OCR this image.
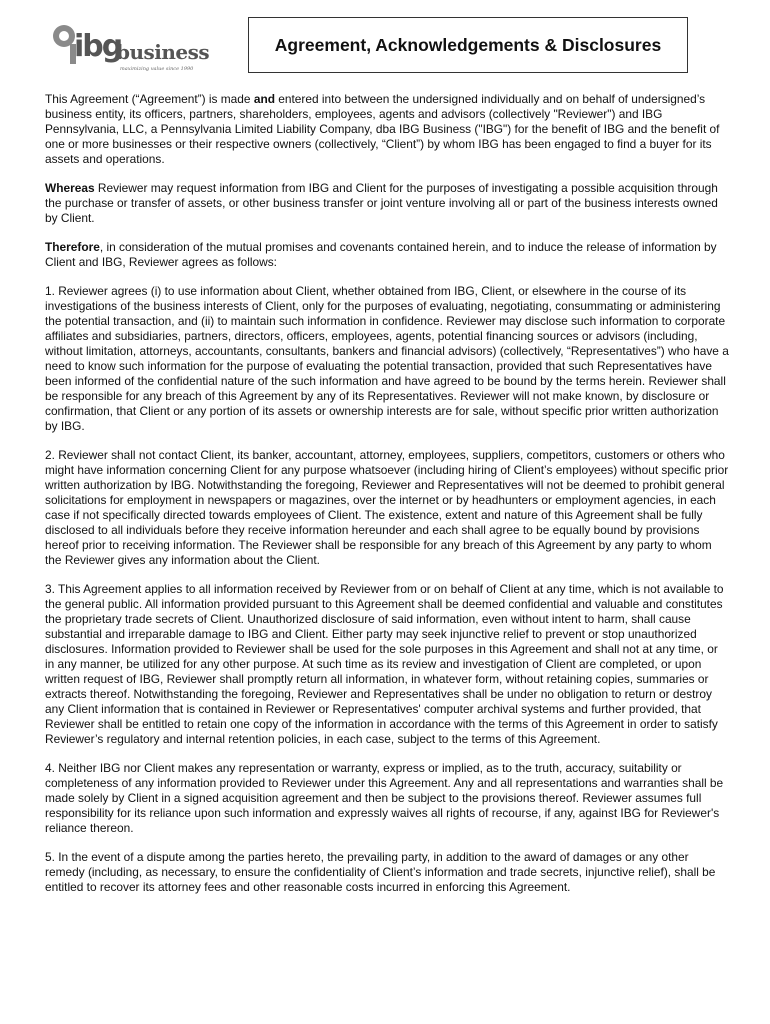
ibg
business
maximizing value since 1990
Agreement, Acknowledgements & Disclosures

This Agreement (“Agreement”) is made and entered into between the undersigned individually and on behalf of undersigned’s business entity, its officers, partners, shareholders, employees, agents and advisors (collectively "Reviewer") and IBG Pennsylvania, LLC, a Pennsylvania Limited Liability Company, dba IBG Business ("IBG") for the benefit of IBG and the benefit of one or more businesses or their respective owners (collectively, “Client”) by whom IBG has been engaged to find a buyer for its assets and operations.

Whereas Reviewer may request information from IBG and Client for the purposes of investigating a possible acquisition through the purchase or transfer of assets, or other business transfer or joint venture involving all or part of the business interests owned by Client.

Therefore, in consideration of the mutual promises and covenants contained herein, and to induce the release of information by Client and IBG, Reviewer agrees as follows:

1. Reviewer agrees (i) to use information about Client, whether obtained from IBG, Client, or elsewhere in the course of its investigations of the business interests of Client, only for the purposes of evaluating, negotiating, consummating or administering the potential transaction, and (ii) to maintain such information in confidence. Reviewer may disclose such information to corporate affiliates and subsidiaries, partners, directors, officers, employees, agents, potential financing sources or advisors (including, without limitation, attorneys, accountants, consultants, bankers and financial advisors) (collectively, “Representatives”) who have a need to know such information for the purpose of evaluating the potential transaction, provided that such Representatives have been informed of the confidential nature of the such information and have agreed to be bound by the terms herein. Reviewer shall be responsible for any breach of this Agreement by any of its Representatives. Reviewer will not make known, by disclosure or confirmation, that Client or any portion of its assets or ownership interests are for sale, without specific prior written authorization by IBG.

2. Reviewer shall not contact Client, its banker, accountant, attorney, employees, suppliers, competitors, customers or others who might have information concerning Client for any purpose whatsoever (including hiring of Client’s employees) without specific prior written authorization by IBG. Notwithstanding the foregoing, Reviewer and Representatives will not be deemed to prohibit general solicitations for employment in newspapers or magazines, over the internet or by headhunters or employment agencies, in each case if not specifically directed towards employees of Client. The existence, extent and nature of this Agreement shall be fully disclosed to all individuals before they receive information hereunder and each shall agree to be equally bound by provisions hereof prior to receiving information. The Reviewer shall be responsible for any breach of this Agreement by any party to whom the Reviewer gives any information about the Client.

3. This Agreement applies to all information received by Reviewer from or on behalf of Client at any time, which is not available to the general public. All information provided pursuant to this Agreement shall be deemed confidential and valuable and constitutes the proprietary trade secrets of Client. Unauthorized disclosure of said information, even without intent to harm, shall cause substantial and irreparable damage to IBG and Client. Either party may seek injunctive relief to prevent or stop unauthorized disclosures. Information provided to Reviewer shall be used for the sole purposes in this Agreement and shall not at any time, or in any manner, be utilized for any other purpose. At such time as its review and investigation of Client are completed, or upon written request of IBG, Reviewer shall promptly return all information, in whatever form, without retaining copies, summaries or extracts thereof. Notwithstanding the foregoing, Reviewer and Representatives shall be under no obligation to return or destroy any Client information that is contained in Reviewer or Representatives' computer archival systems and further provided, that Reviewer shall be entitled to retain one copy of the information in accordance with the terms of this Agreement in order to satisfy Reviewer’s regulatory and internal retention policies, in each case, subject to the terms of this Agreement.

4. Neither IBG nor Client makes any representation or warranty, express or implied, as to the truth, accuracy, suitability or completeness of any information provided to Reviewer under this Agreement. Any and all representations and warranties shall be made solely by Client in a signed acquisition agreement and then be subject to the provisions thereof. Reviewer assumes full responsibility for its reliance upon such information and expressly waives all rights of recourse, if any, against IBG for Reviewer's reliance thereon.

5. In the event of a dispute among the parties hereto, the prevailing party, in addition to the award of damages or any other remedy (including, as necessary, to ensure the confidentiality of Client’s information and trade secrets, injunctive relief), shall be entitled to recover its attorney fees and other reasonable costs incurred in enforcing this Agreement.
